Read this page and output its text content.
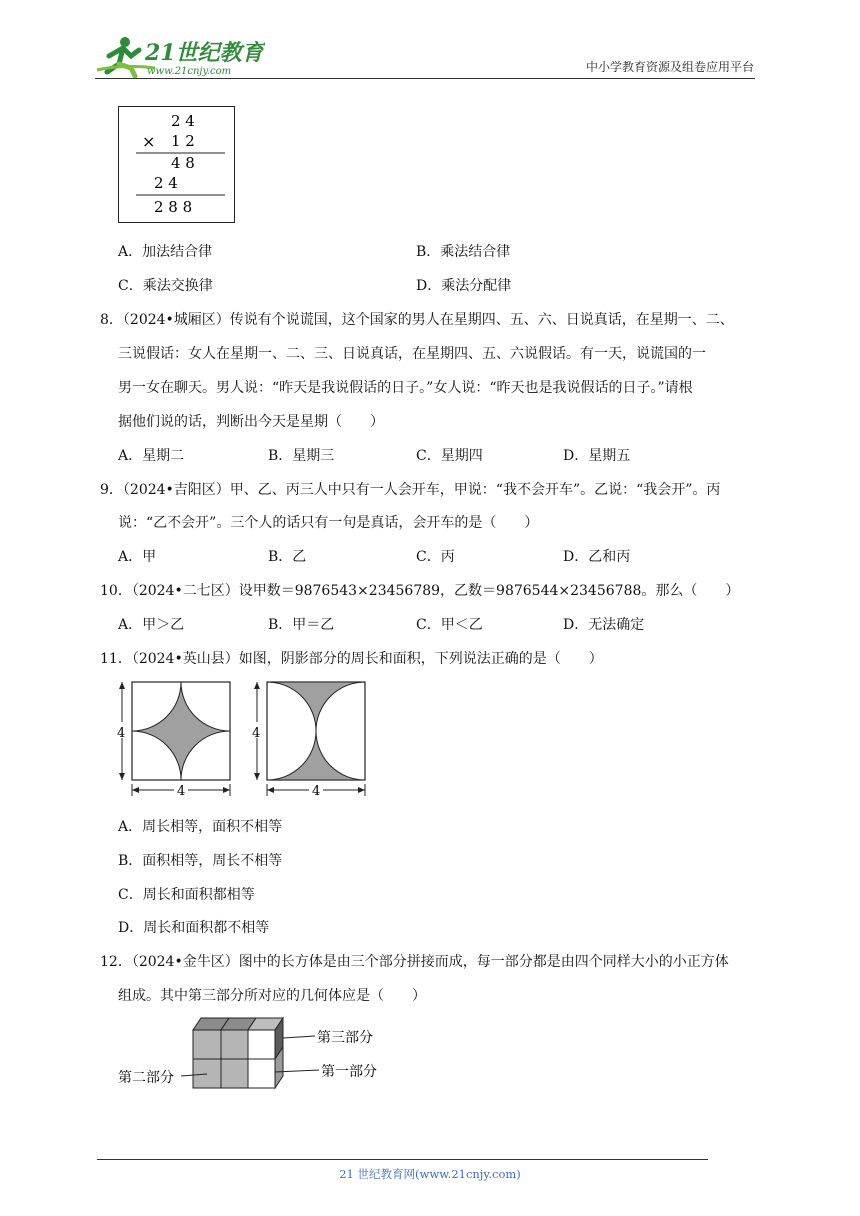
21世纪教育
www.21cnjy.com	中小学教育资源及组卷应用平台
2 4
× 1 2
4 8
2 4
2 8 8
A．加法结合律	B．乘法结合律
C．乘法交换律	D．乘法分配律
8．（2024•城厢区）传说有个说谎国，这个国家的男人在星期四、五、六、日说真话，在星期一、二、
三说假话：女人在星期一、二、三、日说真话，在星期四、五、六说假话。有一天，说谎国的一
男一女在聊天。男人说：“昨天是我说假话的日子。”女人说：“昨天也是我说假话的日子。”请根
据他们说的话，判断出今天是星期（　　）
A．星期二	B．星期三	C．星期四	D．星期五
9．（2024•吉阳区）甲、乙、丙三人中只有一人会开车，甲说：“我不会开车”。乙说：“我会开”。丙
说：“乙不会开”。三个人的话只有一句是真话，会开车的是（　　）
A．甲	B．乙	C．丙	D．乙和丙
10．（2024•二七区）设甲数＝9876543×23456789，乙数＝9876544×23456788。那么（　　）
A．甲＞乙	B．甲＝乙	C．甲＜乙	D．无法确定
11．（2024•英山县）如图，阴影部分的周长和面积，下列说法正确的是（　　）
4
4
4
4
A．周长相等，面积不相等
B．面积相等，周长不相等
C．周长和面积都相等
D．周长和面积都不相等
12．（2024•金牛区）图中的长方体是由三个部分拼接而成，每一部分都是由四个同样大小的小正方体
组成。其中第三部分所对应的几何体应是（　　）
第三部分
第一部分
第二部分
21 世纪教育网(www.21cnjy.com)
